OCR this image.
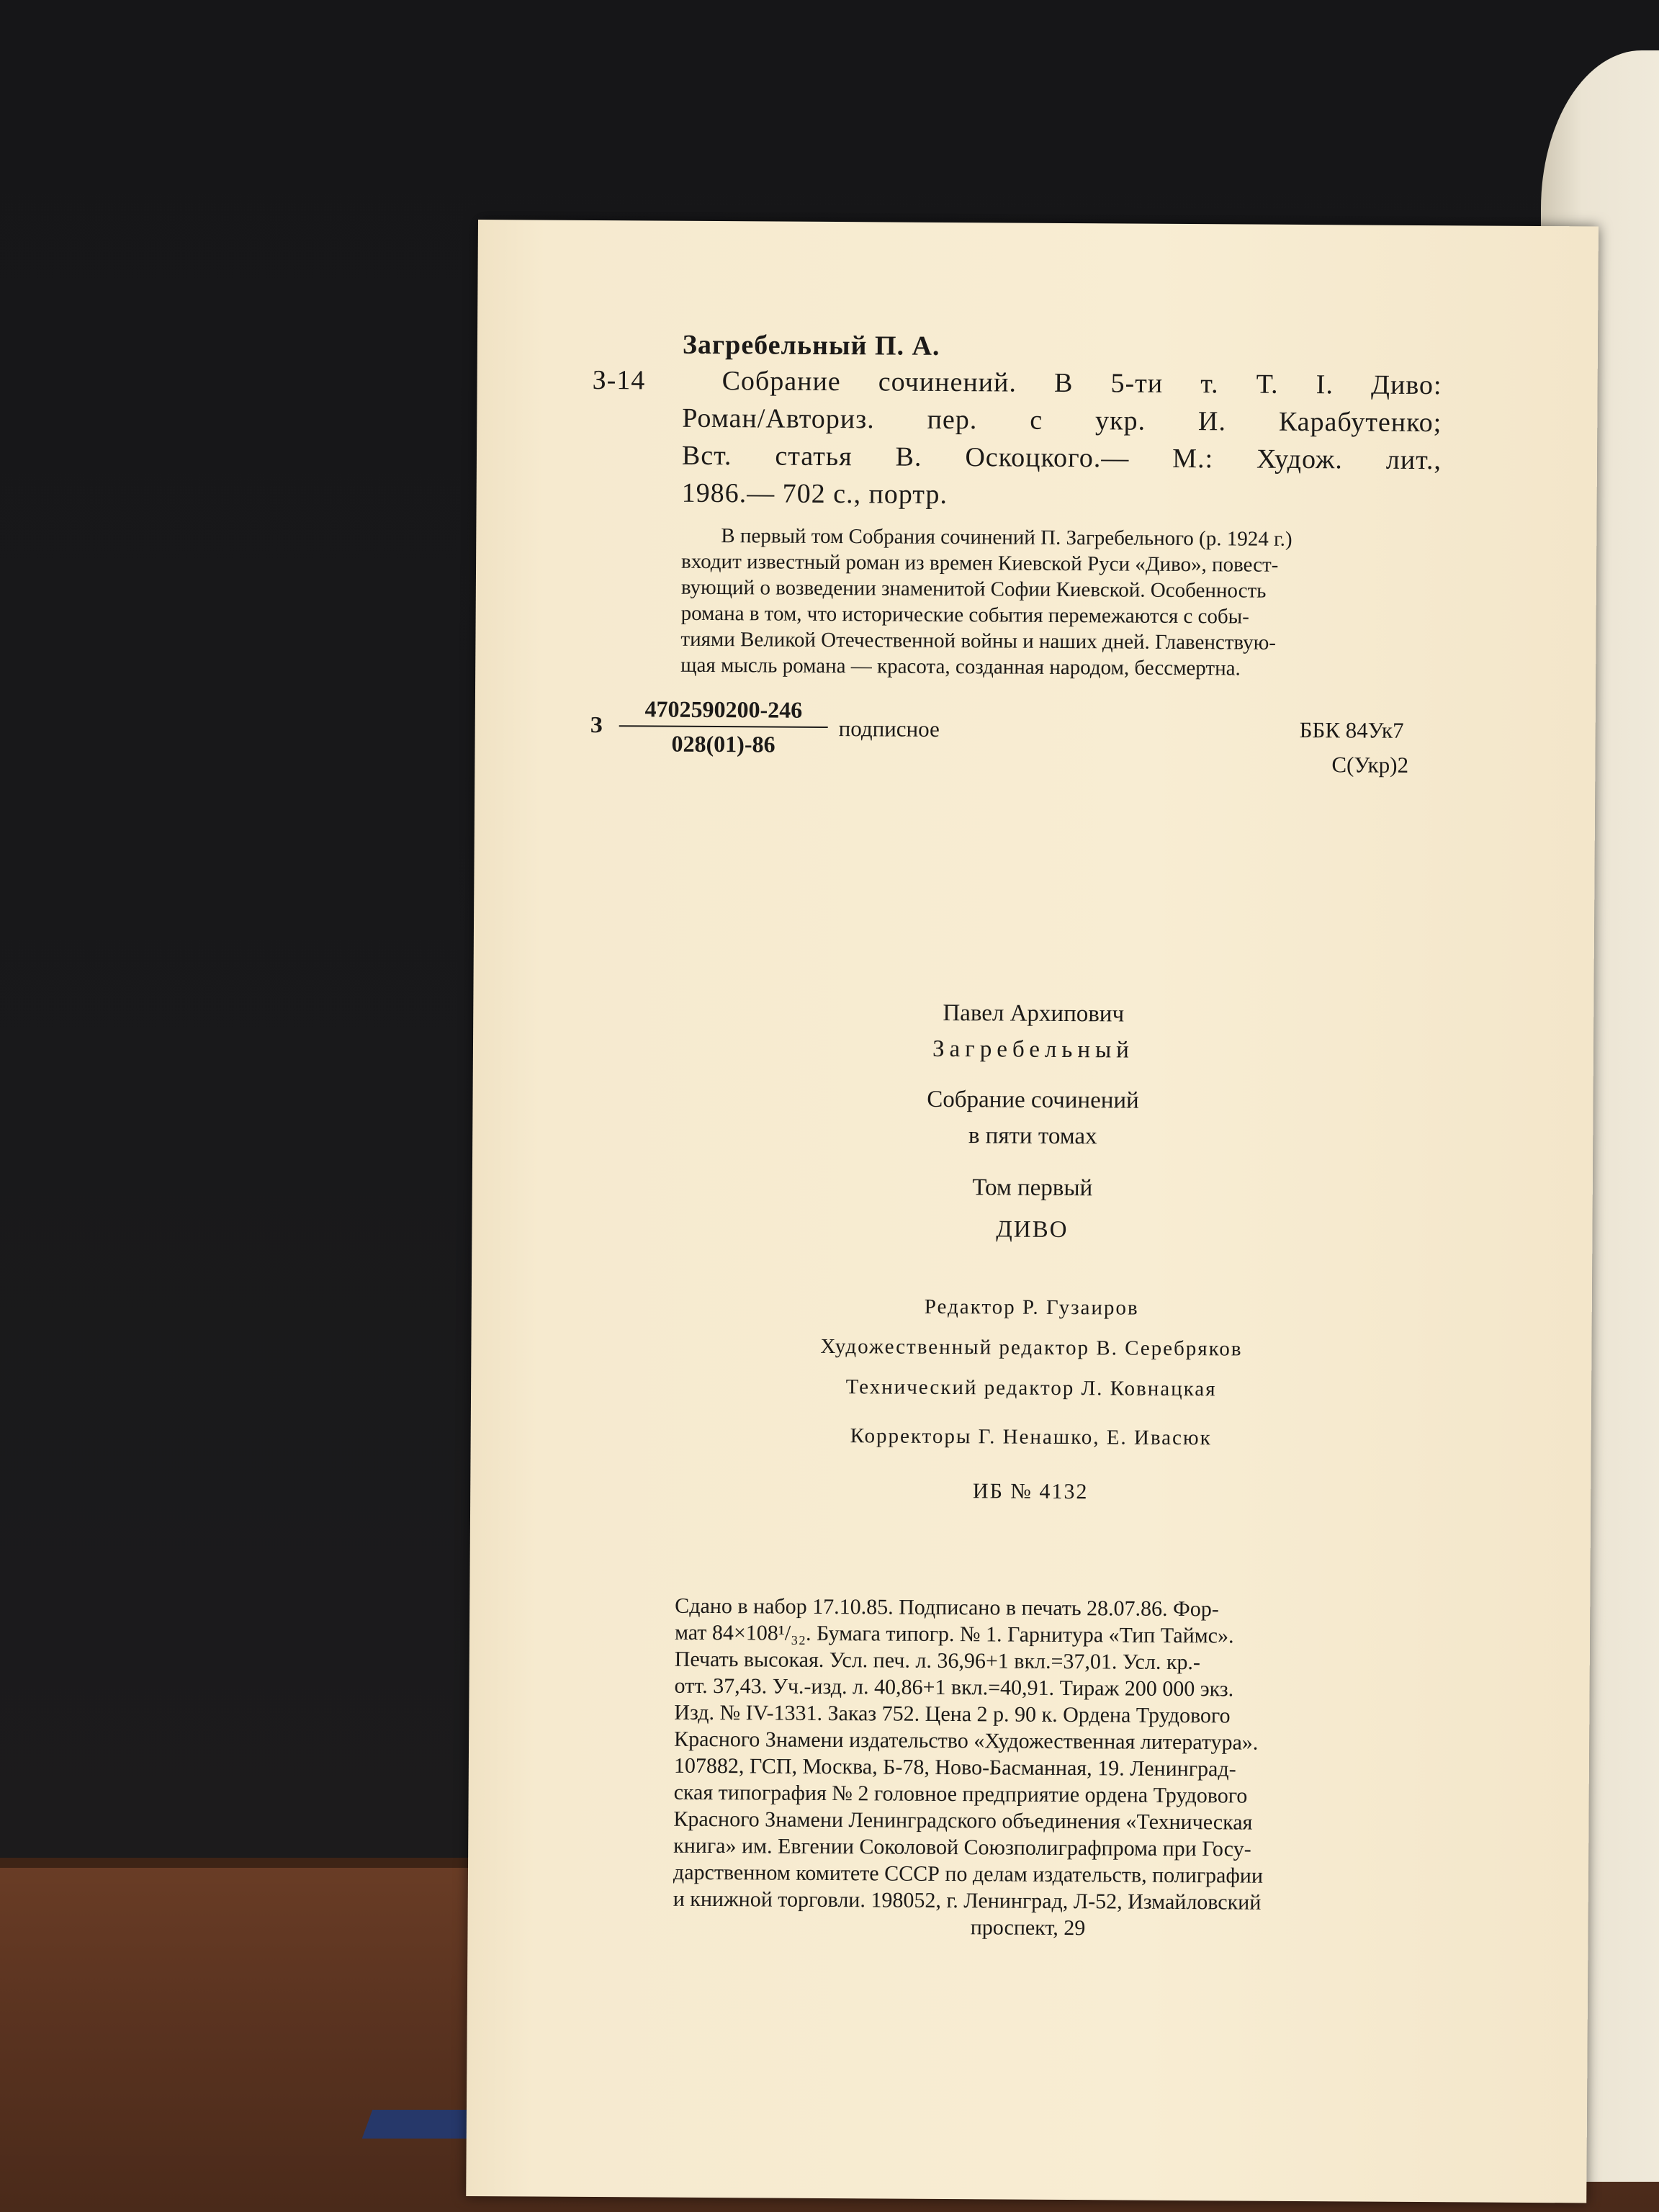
Загребельный П. А.
З-14	Собрание сочинений. В 5-ти т. Т. I. Диво:
Роман/Авториз. пер. с укр. И. Карабутенко;
Вст. статья В. Оскоцкого.— М.: Худож. лит.,
1986.— 702 с., портр.
В первый том Собрания сочинений П. Загребельного (р. 1924 г.)
входит известный роман из времен Киевской Руси «Диво», повест-
вующий о возведении знаменитой Софии Киевской. Особенность
романа в том, что исторические события перемежаются с собы-
тиями Великой Отечественной войны и наших дней. Главенствую-
щая мысль романа — красота, созданная народом, бессмертна.
З
4702590200-246
028(01)-86
подписное	ББК 84Ук7
С(Укр)2
Павел Архипович
Загребельный
Собрание сочинений
в пяти томах
Том первый
ДИВО
Редактор Р. Гузаиров
Художественный редактор В. Серебряков
Технический редактор Л. Ковнацкая
Корректоры Г. Ненашко, Е. Ивасюк
ИБ № 4132
Сдано в набор 17.10.85. Подписано в печать 28.07.86. Фор-
мат 84×108¹/₃₂. Бумага типогр. № 1. Гарнитура «Тип Таймс».
Печать высокая. Усл. печ. л. 36,96+1 вкл.=37,01. Усл. кр.-
отт. 37,43. Уч.-изд. л. 40,86+1 вкл.=40,91. Тираж 200 000 экз.
Изд. № IV-1331. Заказ 752. Цена 2 р. 90 к. Ордена Трудового
Красного Знамени издательство «Художественная литература».
107882, ГСП, Москва, Б-78, Ново-Басманная, 19. Ленинград-
ская типография № 2 головное предприятие ордена Трудового
Красного Знамени Ленинградского объединения «Техническая
книга» им. Евгении Соколовой Союзполиграфпрома при Госу-
дарственном комитете СССР по делам издательств, полиграфии
и книжной торговли. 198052, г. Ленинград, Л-52, Измайловский
проспект, 29
